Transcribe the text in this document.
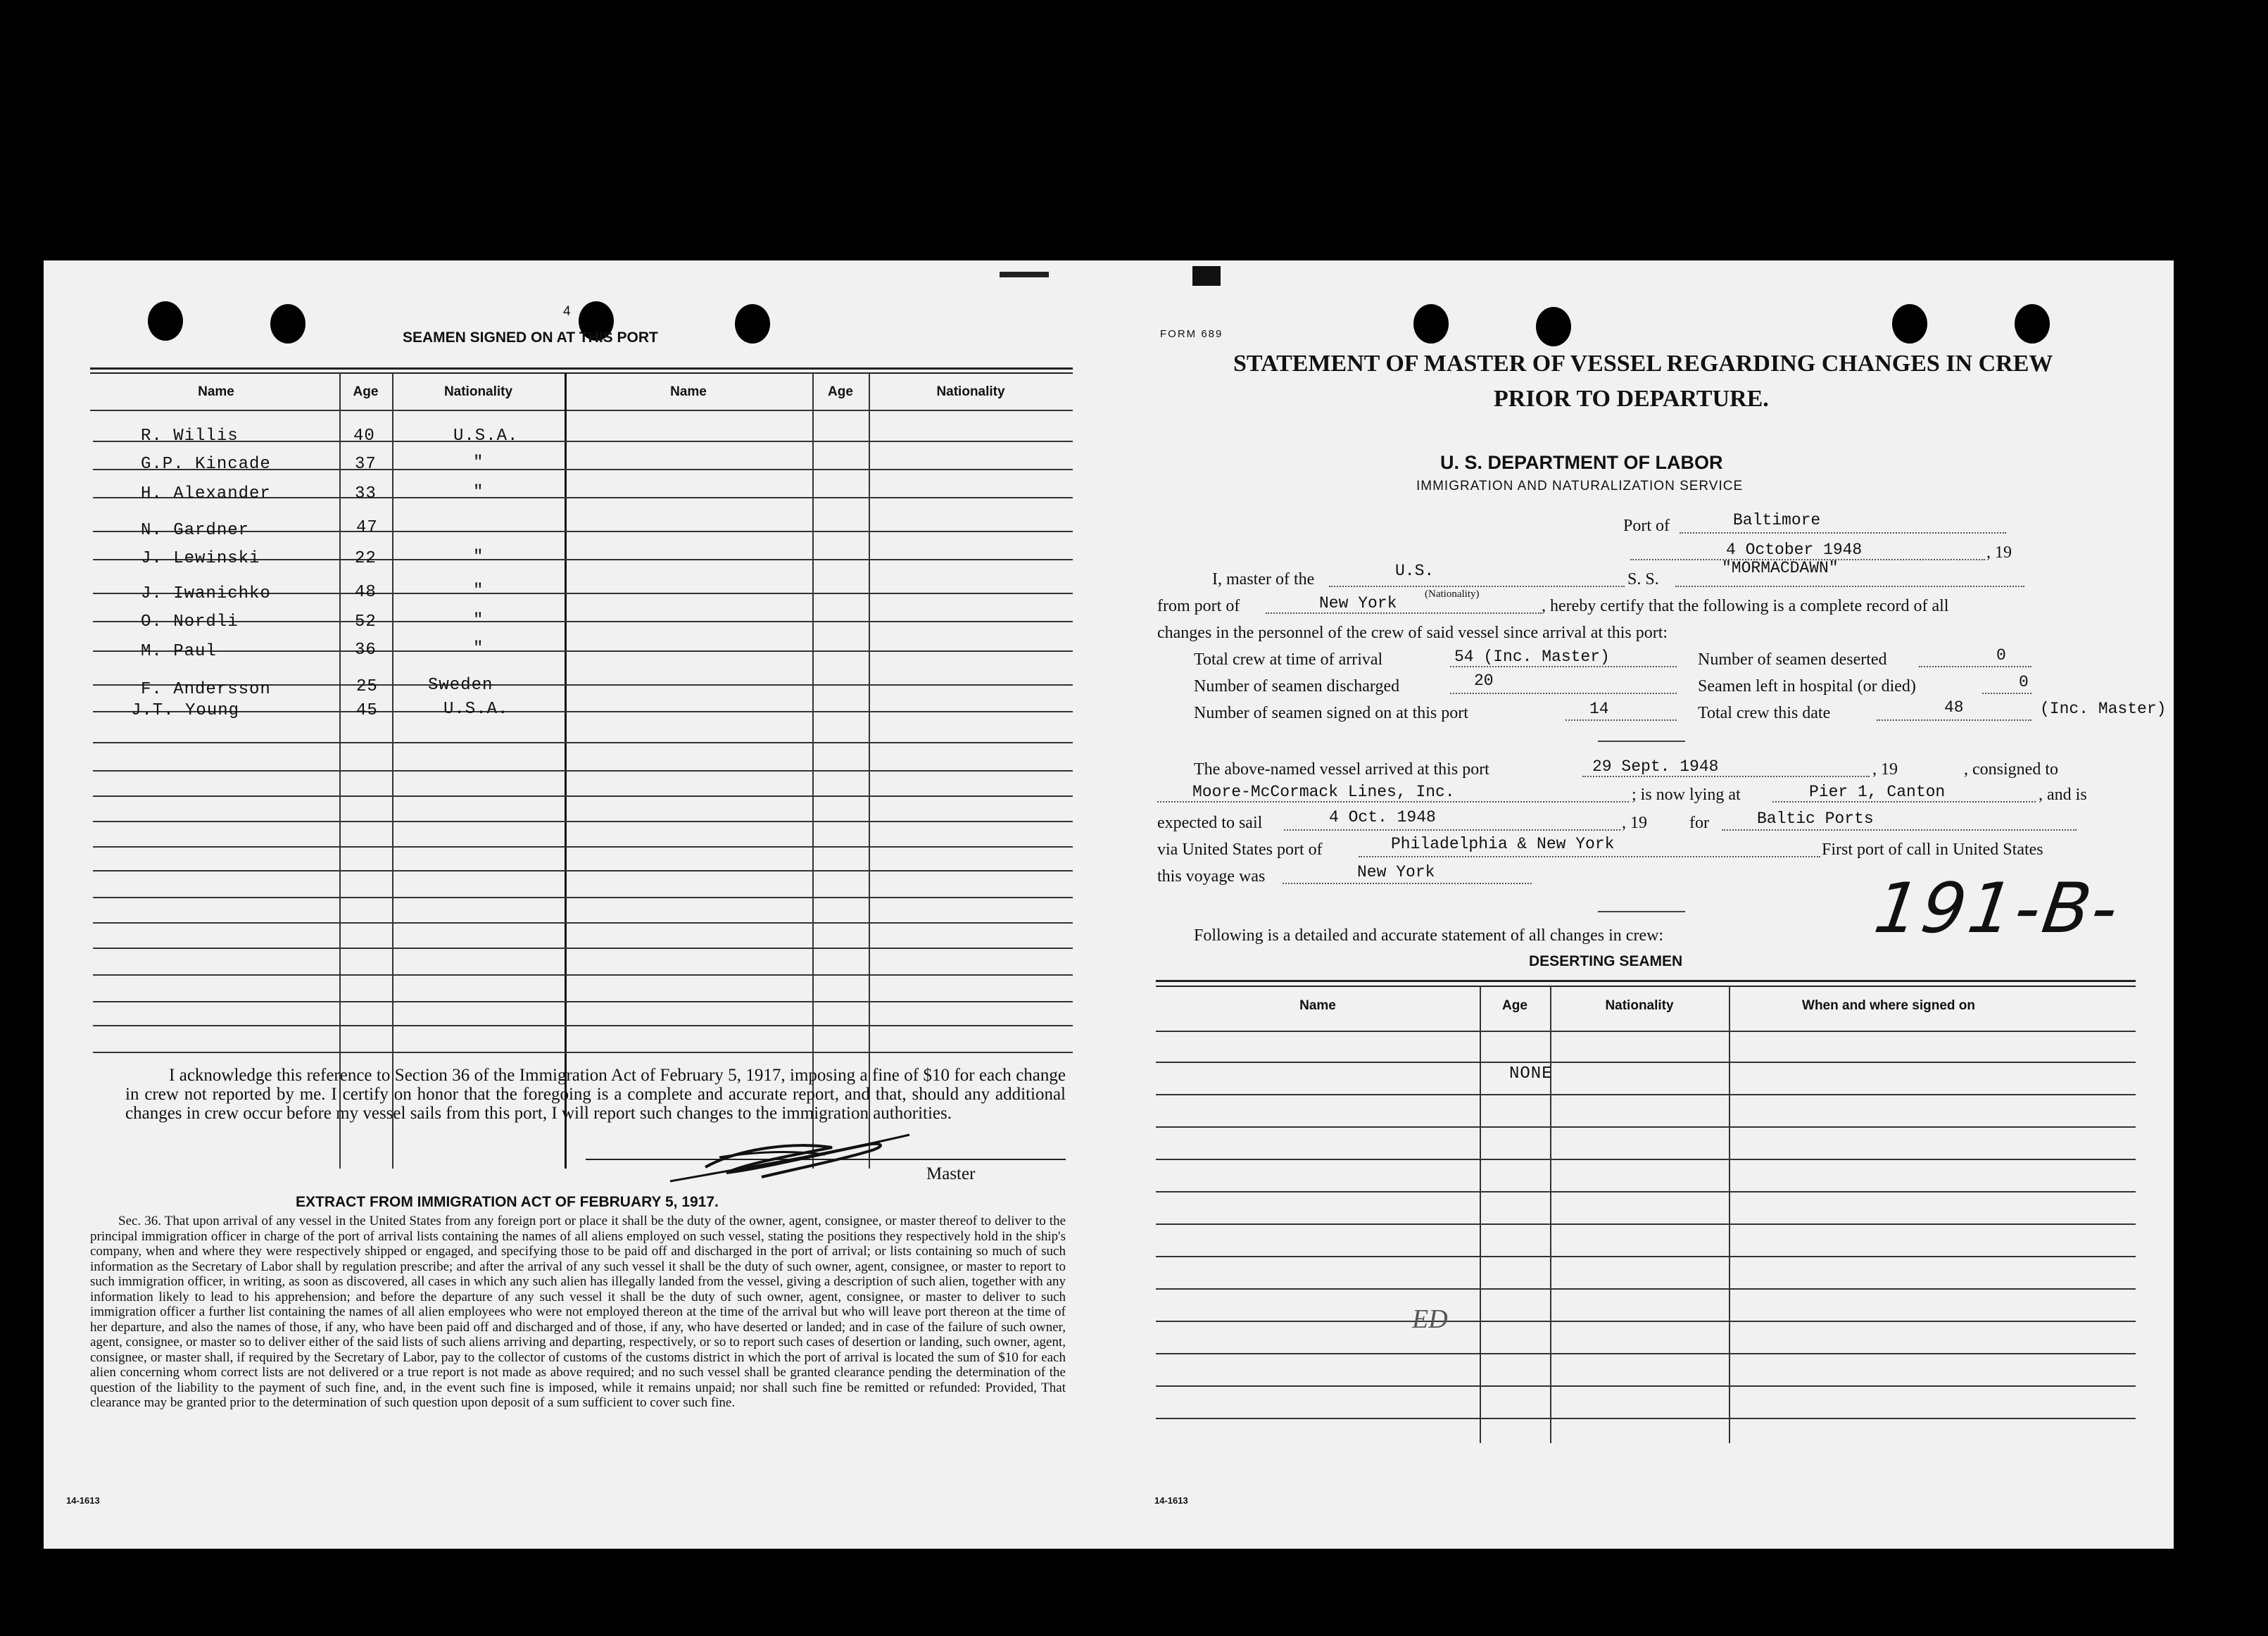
4
SEAMEN SIGNED ON AT THIS PORT
Name	Age	Nationality	Name	Age	Nationality
R. Willis	40	U.S.A.
G.P. Kincade	37	"
H. Alexander	33	"
N. Gardner	47
J. Lewinski	22	"
J. Iwanichko	48	"
O. Nordli	52	"
M. Paul	36	"
F. Andersson	25	Sweden
J.T. Young	45	U.S.A.
I acknowledge this reference to Section 36 of the Immigration Act of February 5, 1917, imposing a fine of $10 for each change in crew not reported by me. I certify on honor that the foregoing is a complete and accurate report, and that, should any additional changes in crew occur before my vessel sails from this port, I will report such changes to the immigration authorities.
Master
EXTRACT FROM IMMIGRATION ACT OF FEBRUARY 5, 1917.
Sec. 36. That upon arrival of any vessel in the United States from any foreign port or place it shall be the duty of the owner, agent, consignee, or master thereof to deliver to the principal immigration officer in charge of the port of arrival lists containing the names of all aliens employed on such vessel, stating the positions they respectively hold in the ship's company, when and where they were respectively shipped or engaged, and specifying those to be paid off and discharged in the port of arrival; or lists containing so much of such information as the Secretary of Labor shall by regulation prescribe; and after the arrival of any such vessel it shall be the duty of such owner, agent, consignee, or master to report to such immigration officer, in writing, as soon as discovered, all cases in which any such alien has illegally landed from the vessel, giving a description of such alien, together with any information likely to lead to his apprehension; and before the departure of any such vessel it shall be the duty of such owner, agent, consignee, or master to deliver to such immigration officer a further list containing the names of all alien employees who were not employed thereon at the time of the arrival but who will leave port thereon at the time of her departure, and also the names of those, if any, who have been paid off and discharged and of those, if any, who have deserted or landed; and in case of the failure of such owner, agent, consignee, or master so to deliver either of the said lists of such aliens arriving and departing, respectively, or so to report such cases of desertion or landing, such owner, agent, consignee, or master shall, if required by the Secretary of Labor, pay to the collector of customs of the customs district in which the port of arrival is located the sum of $10 for each alien concerning whom correct lists are not delivered or a true report is not made as above required; and no such vessel shall be granted clearance pending the determination of the question of the liability to the payment of such fine, and, in the event such fine is imposed, while it remains unpaid; nor shall such fine be remitted or refunded: Provided, That clearance may be granted prior to the determination of such question upon deposit of a sum sufficient to cover such fine.
14-1613
FORM 689
STATEMENT OF MASTER OF VESSEL REGARDING CHANGES IN CREW
PRIOR TO DEPARTURE.
U. S. DEPARTMENT OF LABOR
IMMIGRATION AND NATURALIZATION SERVICE
Port of	Baltimore
4 October 1948	, 19
I, master of the	U.S.	S. S.
"MORMACDAWN"
from port of	New York	(Nationality)
, hereby certify that the following is a complete record of all
changes in the personnel of the crew of said vessel since arrival at this port:
Total crew at time of arrival	54 (Inc. Master)	Number of seamen deserted	0
Number of seamen discharged	20	Seamen left in hospital (or died)	0
Number of seamen signed on at this port	14	Total crew this date	48	(Inc. Master)
The above-named vessel arrived at this port	29 Sept. 1948	, 19	, consigned to
Moore-McCormack Lines, Inc.	; is now lying at	Pier 1, Canton	, and is
expected to sail	4 Oct. 1948	, 19	for	Baltic Ports
via United States port of	Philadelphia & New York	First port of call in United States
this voyage was	New York	191-B-
Following is a detailed and accurate statement of all changes in crew:
DESERTING SEAMEN
Name	Age	Nationality	When and where signed on
NONE
ED
14-1613
